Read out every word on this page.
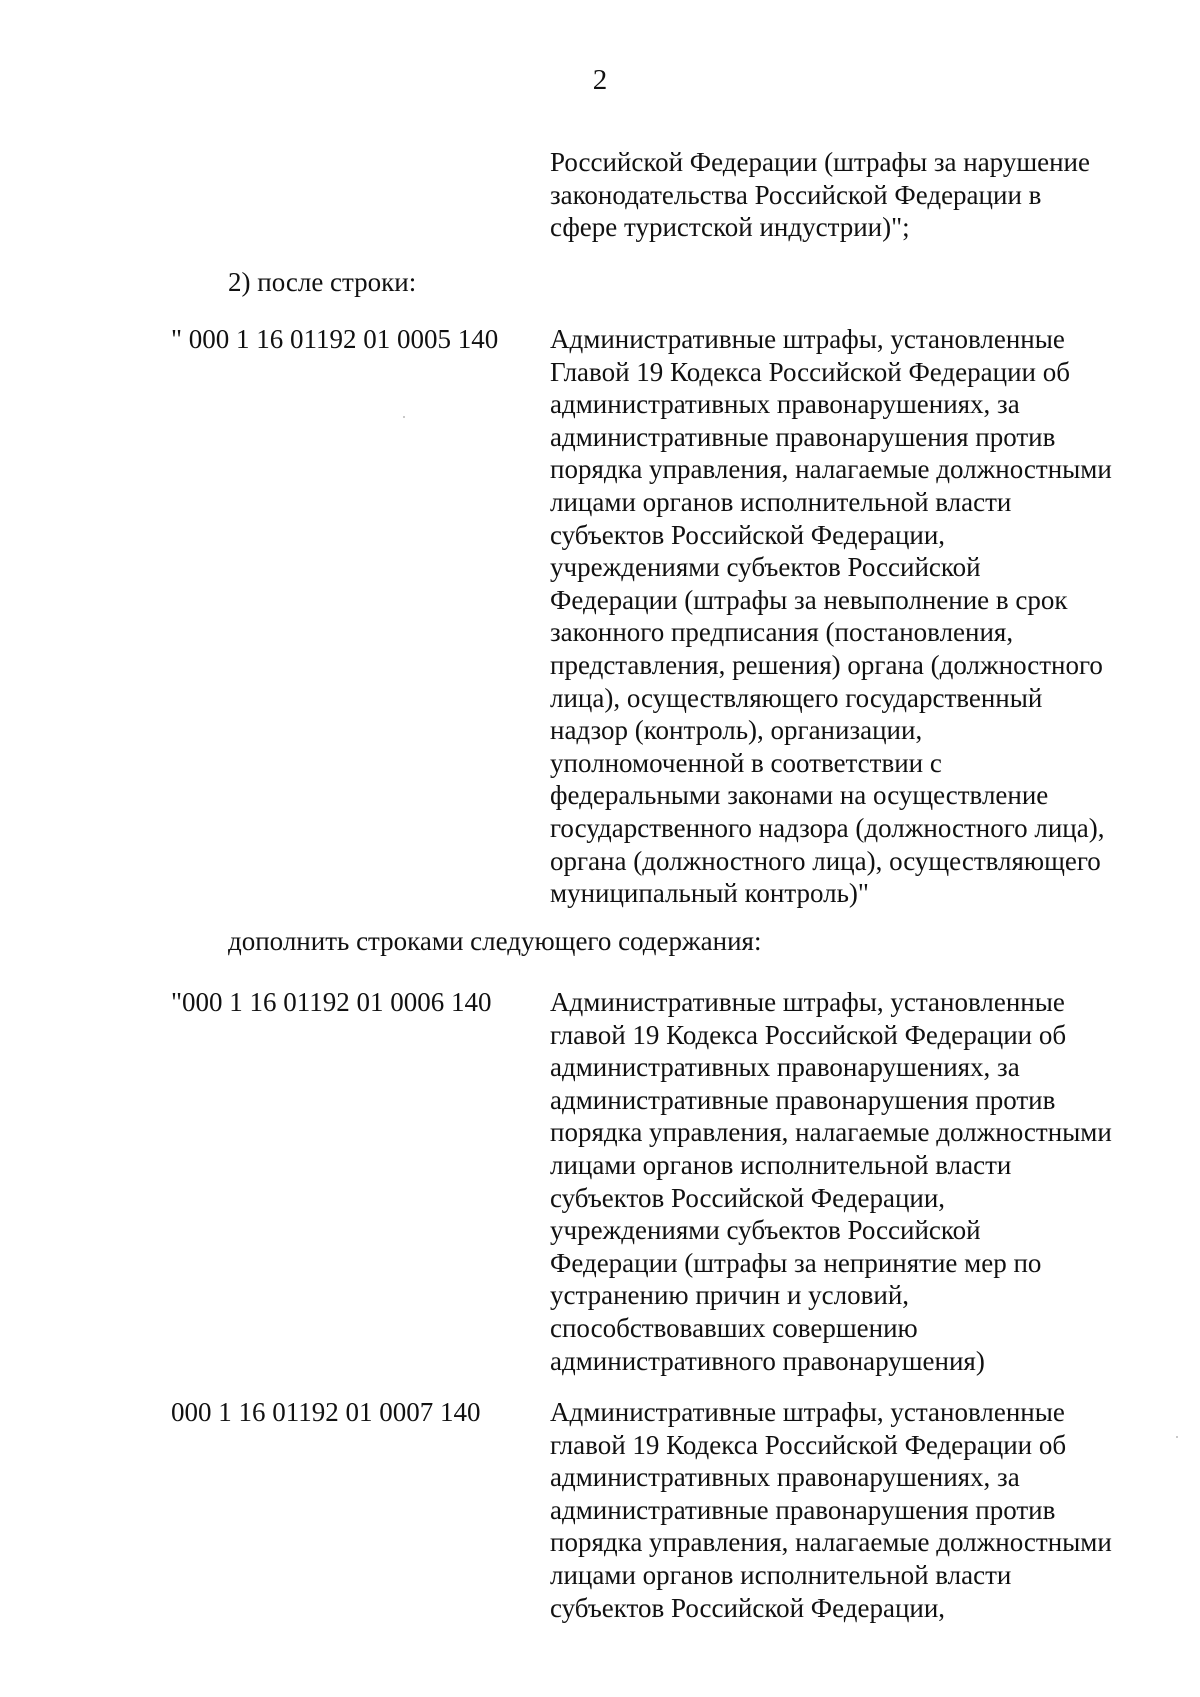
2
Российской Федерации (штрафы за нарушение
законодательства Российской Федерации в
сфере туристской индустрии)";
2) после строки:
" 000 1 16 01192 01 0005 140 Административные штрафы, установленные
Главой 19 Кодекса Российской Федерации об
административных правонарушениях, за
административные правонарушения против
порядка управления, налагаемые должностными
лицами органов исполнительной власти
субъектов Российской Федерации,
учреждениями субъектов Российской
Федерации (штрафы за невыполнение в срок
законного предписания (постановления,
представления, решения) органа (должностного
лица), осуществляющего государственный
надзор (контроль), организации,
уполномоченной в соответствии с
федеральными законами на осуществление
государственного надзора (должностного лица),
органа (должностного лица), осуществляющего
муниципальный контроль)"
дополнить строками следующего содержания:
"000 1 16 01192 01 0006 140 Административные штрафы, установленные
главой 19 Кодекса Российской Федерации об
административных правонарушениях, за
административные правонарушения против
порядка управления, налагаемые должностными
лицами органов исполнительной власти
субъектов Российской Федерации,
учреждениями субъектов Российской
Федерации (штрафы за непринятие мер по
устранению причин и условий,
способствовавших совершению
административного правонарушения)
000 1 16 01192 01 0007 140	Административные штрафы, установленные
главой 19 Кодекса Российской Федерации об
административных правонарушениях, за
административные правонарушения против
порядка управления, налагаемые должностными
лицами органов исполнительной власти
субъектов Российской Федерации,
